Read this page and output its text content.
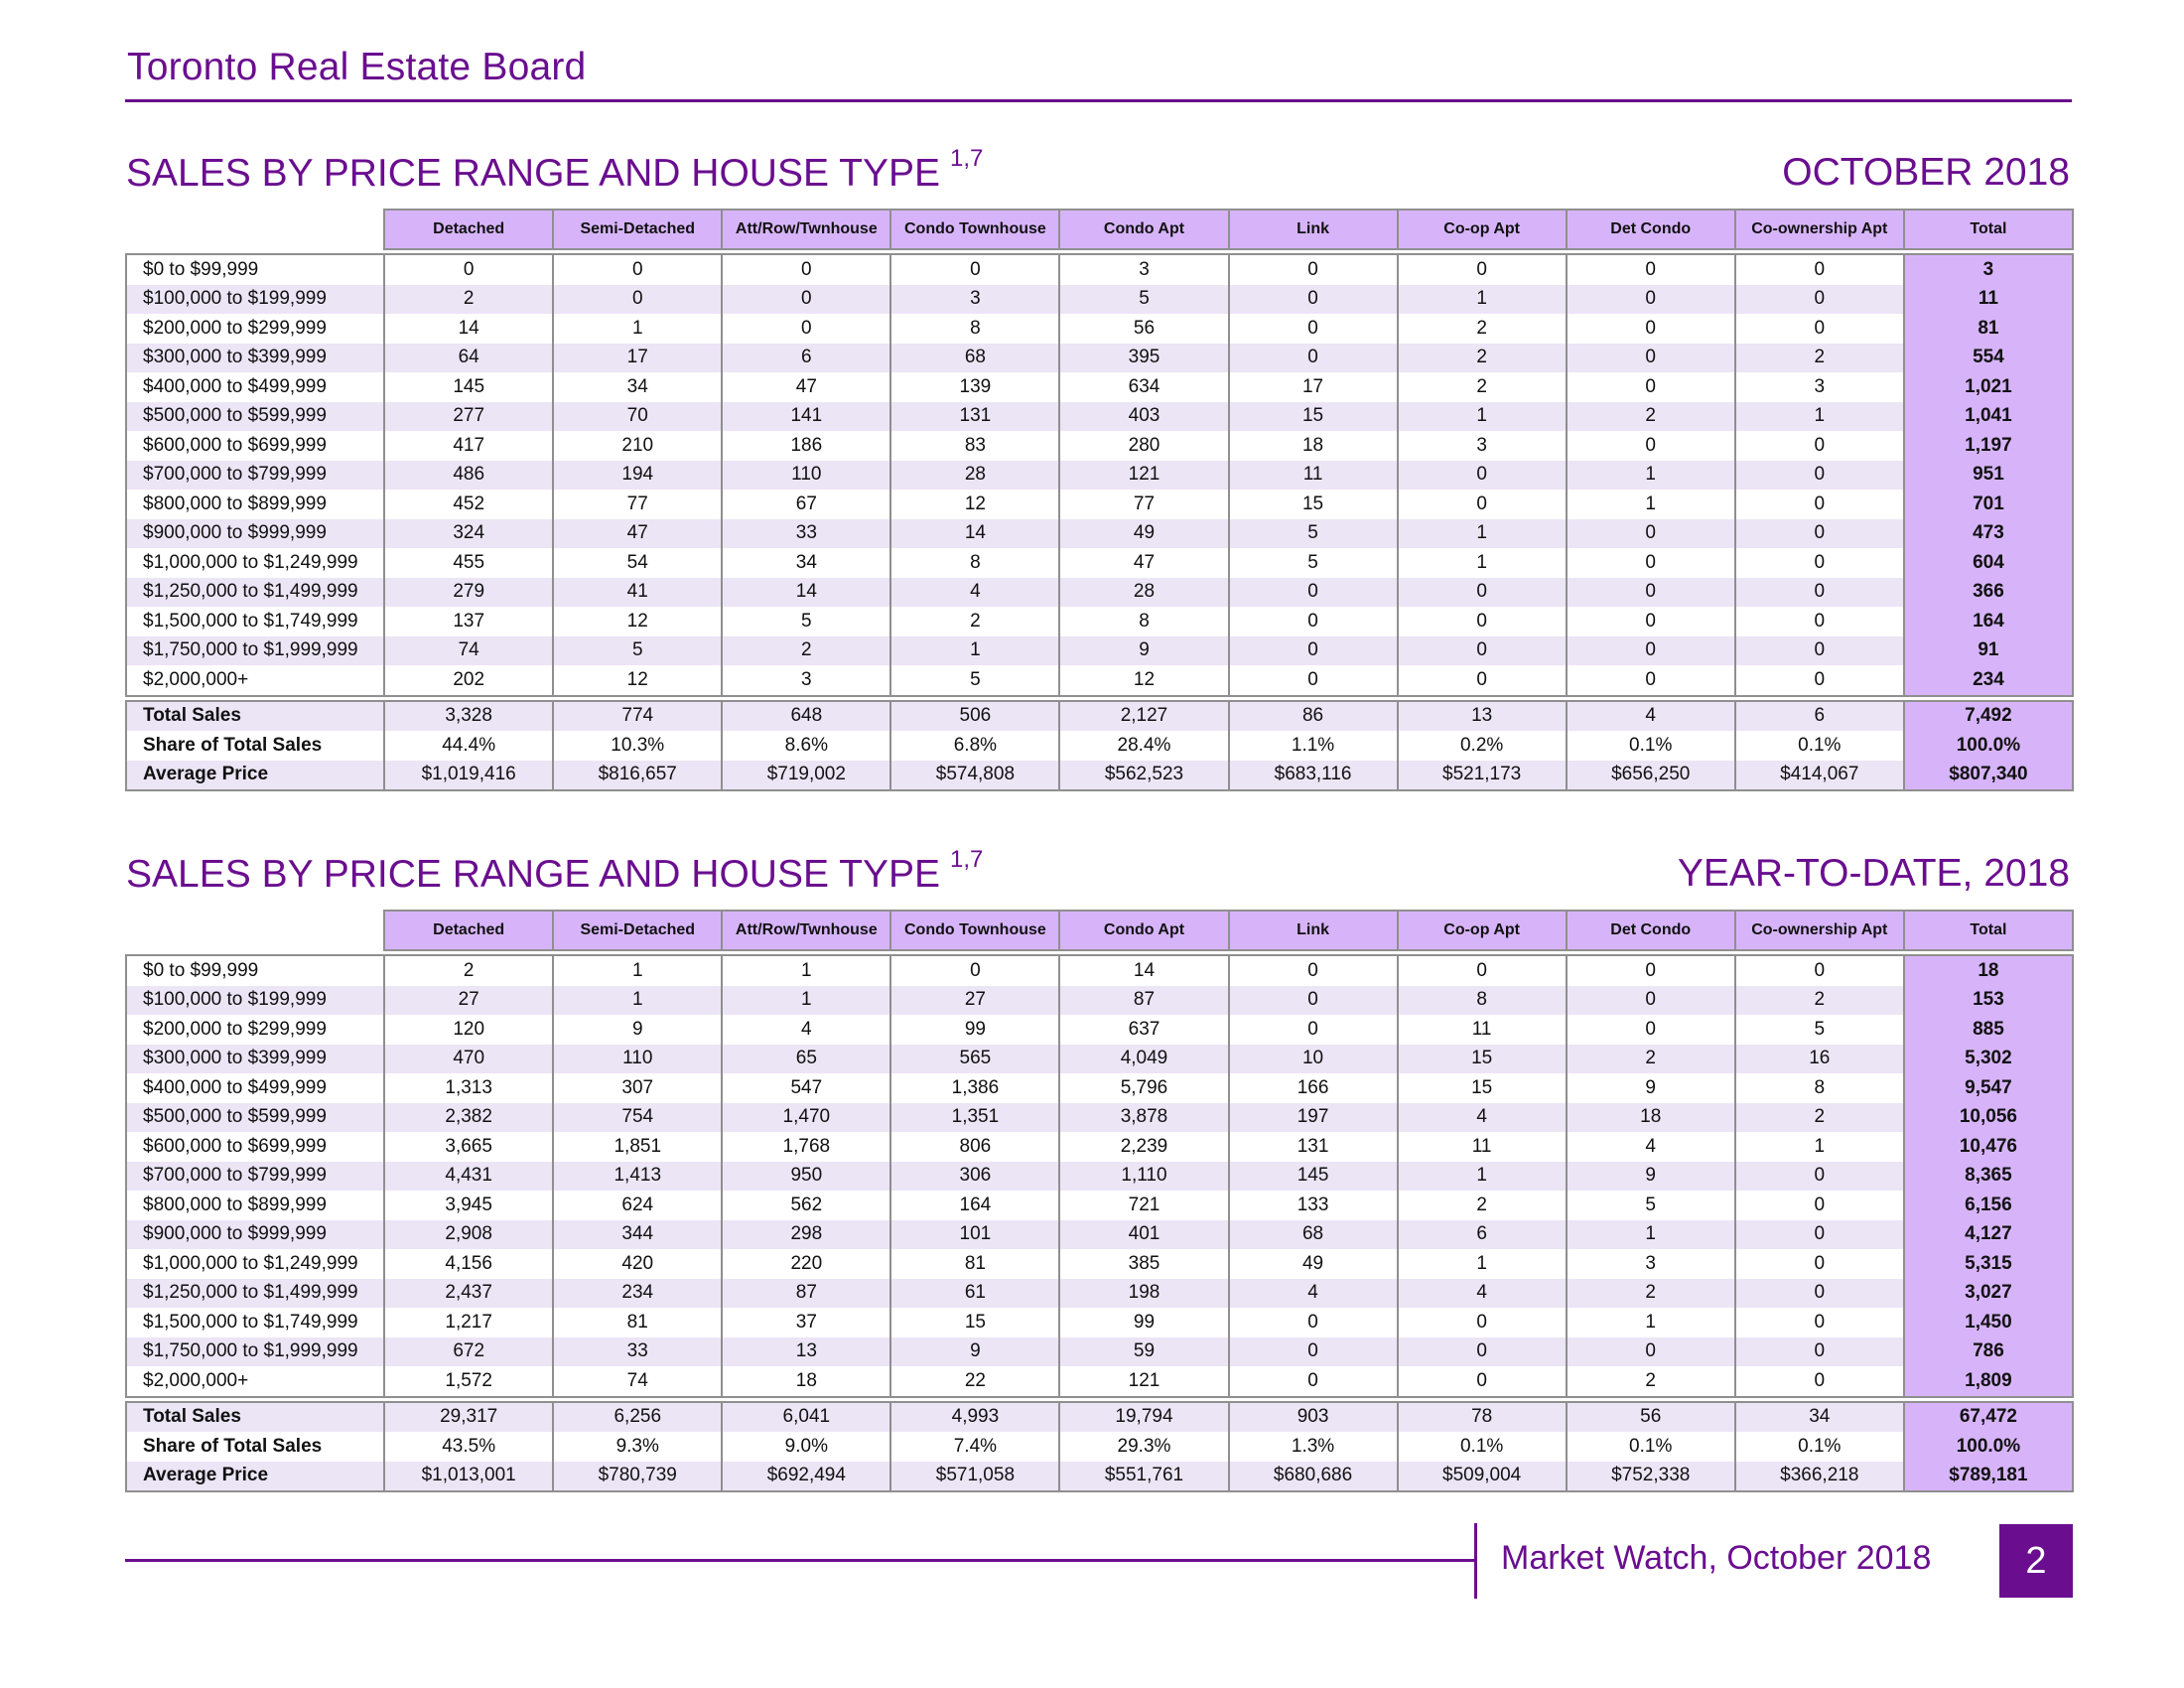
Toronto Real Estate Board
SALES BY PRICE RANGE AND HOUSE TYPE $^{1,7}$	OCTOBER 2018
	Detached	Semi-Detached	Att/Row/Twnhouse	Condo Townhouse	Condo Apt	Link	Co-op Apt	Det Condo	Co-ownership Apt	Total

$0 to $99,999	0	0	0	0	3	0	0	0	0	3
$100,000 to $199,999	2	0	0	3	5	0	1	0	0	11
$200,000 to $299,999	14	1	0	8	56	0	2	0	0	81
$300,000 to $399,999	64	17	6	68	395	0	2	0	2	554
$400,000 to $499,999	145	34	47	139	634	17	2	0	3	1,021
$500,000 to $599,999	277	70	141	131	403	15	1	2	1	1,041
$600,000 to $699,999	417	210	186	83	280	18	3	0	0	1,197
$700,000 to $799,999	486	194	110	28	121	11	0	1	0	951
$800,000 to $899,999	452	77	67	12	77	15	0	1	0	701
$900,000 to $999,999	324	47	33	14	49	5	1	0	0	473
$1,000,000 to $1,249,999	455	54	34	8	47	5	1	0	0	604
$1,250,000 to $1,499,999	279	41	14	4	28	0	0	0	0	366
$1,500,000 to $1,749,999	137	12	5	2	8	0	0	0	0	164
$1,750,000 to $1,999,999	74	5	2	1	9	0	0	0	0	91
$2,000,000+	202	12	3	5	12	0	0	0	0	234

Total Sales	3,328	774	648	506	2,127	86	13	4	6	7,492
Share of Total Sales	44.4%	10.3%	8.6%	6.8%	28.4%	1.1%	0.2%	0.1%	0.1%	100.0%
Average Price	$1,019,416	$816,657	$719,002	$574,808	$562,523	$683,116	$521,173	$656,250	$414,067	$807,340
SALES BY PRICE RANGE AND HOUSE TYPE $^{1,7}$	YEAR-TO-DATE, 2018
	Detached	Semi-Detached	Att/Row/Twnhouse	Condo Townhouse	Condo Apt	Link	Co-op Apt	Det Condo	Co-ownership Apt	Total

$0 to $99,999	2	1	1	0	14	0	0	0	0	18
$100,000 to $199,999	27	1	1	27	87	0	8	0	2	153
$200,000 to $299,999	120	9	4	99	637	0	11	0	5	885
$300,000 to $399,999	470	110	65	565	4,049	10	15	2	16	5,302
$400,000 to $499,999	1,313	307	547	1,386	5,796	166	15	9	8	9,547
$500,000 to $599,999	2,382	754	1,470	1,351	3,878	197	4	18	2	10,056
$600,000 to $699,999	3,665	1,851	1,768	806	2,239	131	11	4	1	10,476
$700,000 to $799,999	4,431	1,413	950	306	1,110	145	1	9	0	8,365
$800,000 to $899,999	3,945	624	562	164	721	133	2	5	0	6,156
$900,000 to $999,999	2,908	344	298	101	401	68	6	1	0	4,127
$1,000,000 to $1,249,999	4,156	420	220	81	385	49	1	3	0	5,315
$1,250,000 to $1,499,999	2,437	234	87	61	198	4	4	2	0	3,027
$1,500,000 to $1,749,999	1,217	81	37	15	99	0	0	1	0	1,450
$1,750,000 to $1,999,999	672	33	13	9	59	0	0	0	0	786
$2,000,000+	1,572	74	18	22	121	0	0	2	0	1,809

Total Sales	29,317	6,256	6,041	4,993	19,794	903	78	56	34	67,472
Share of Total Sales	43.5%	9.3%	9.0%	7.4%	29.3%	1.3%	0.1%	0.1%	0.1%	100.0%
Average Price	$1,013,001	$780,739	$692,494	$571,058	$551,761	$680,686	$509,004	$752,338	$366,218	$789,181
Market Watch, October 2018	2
